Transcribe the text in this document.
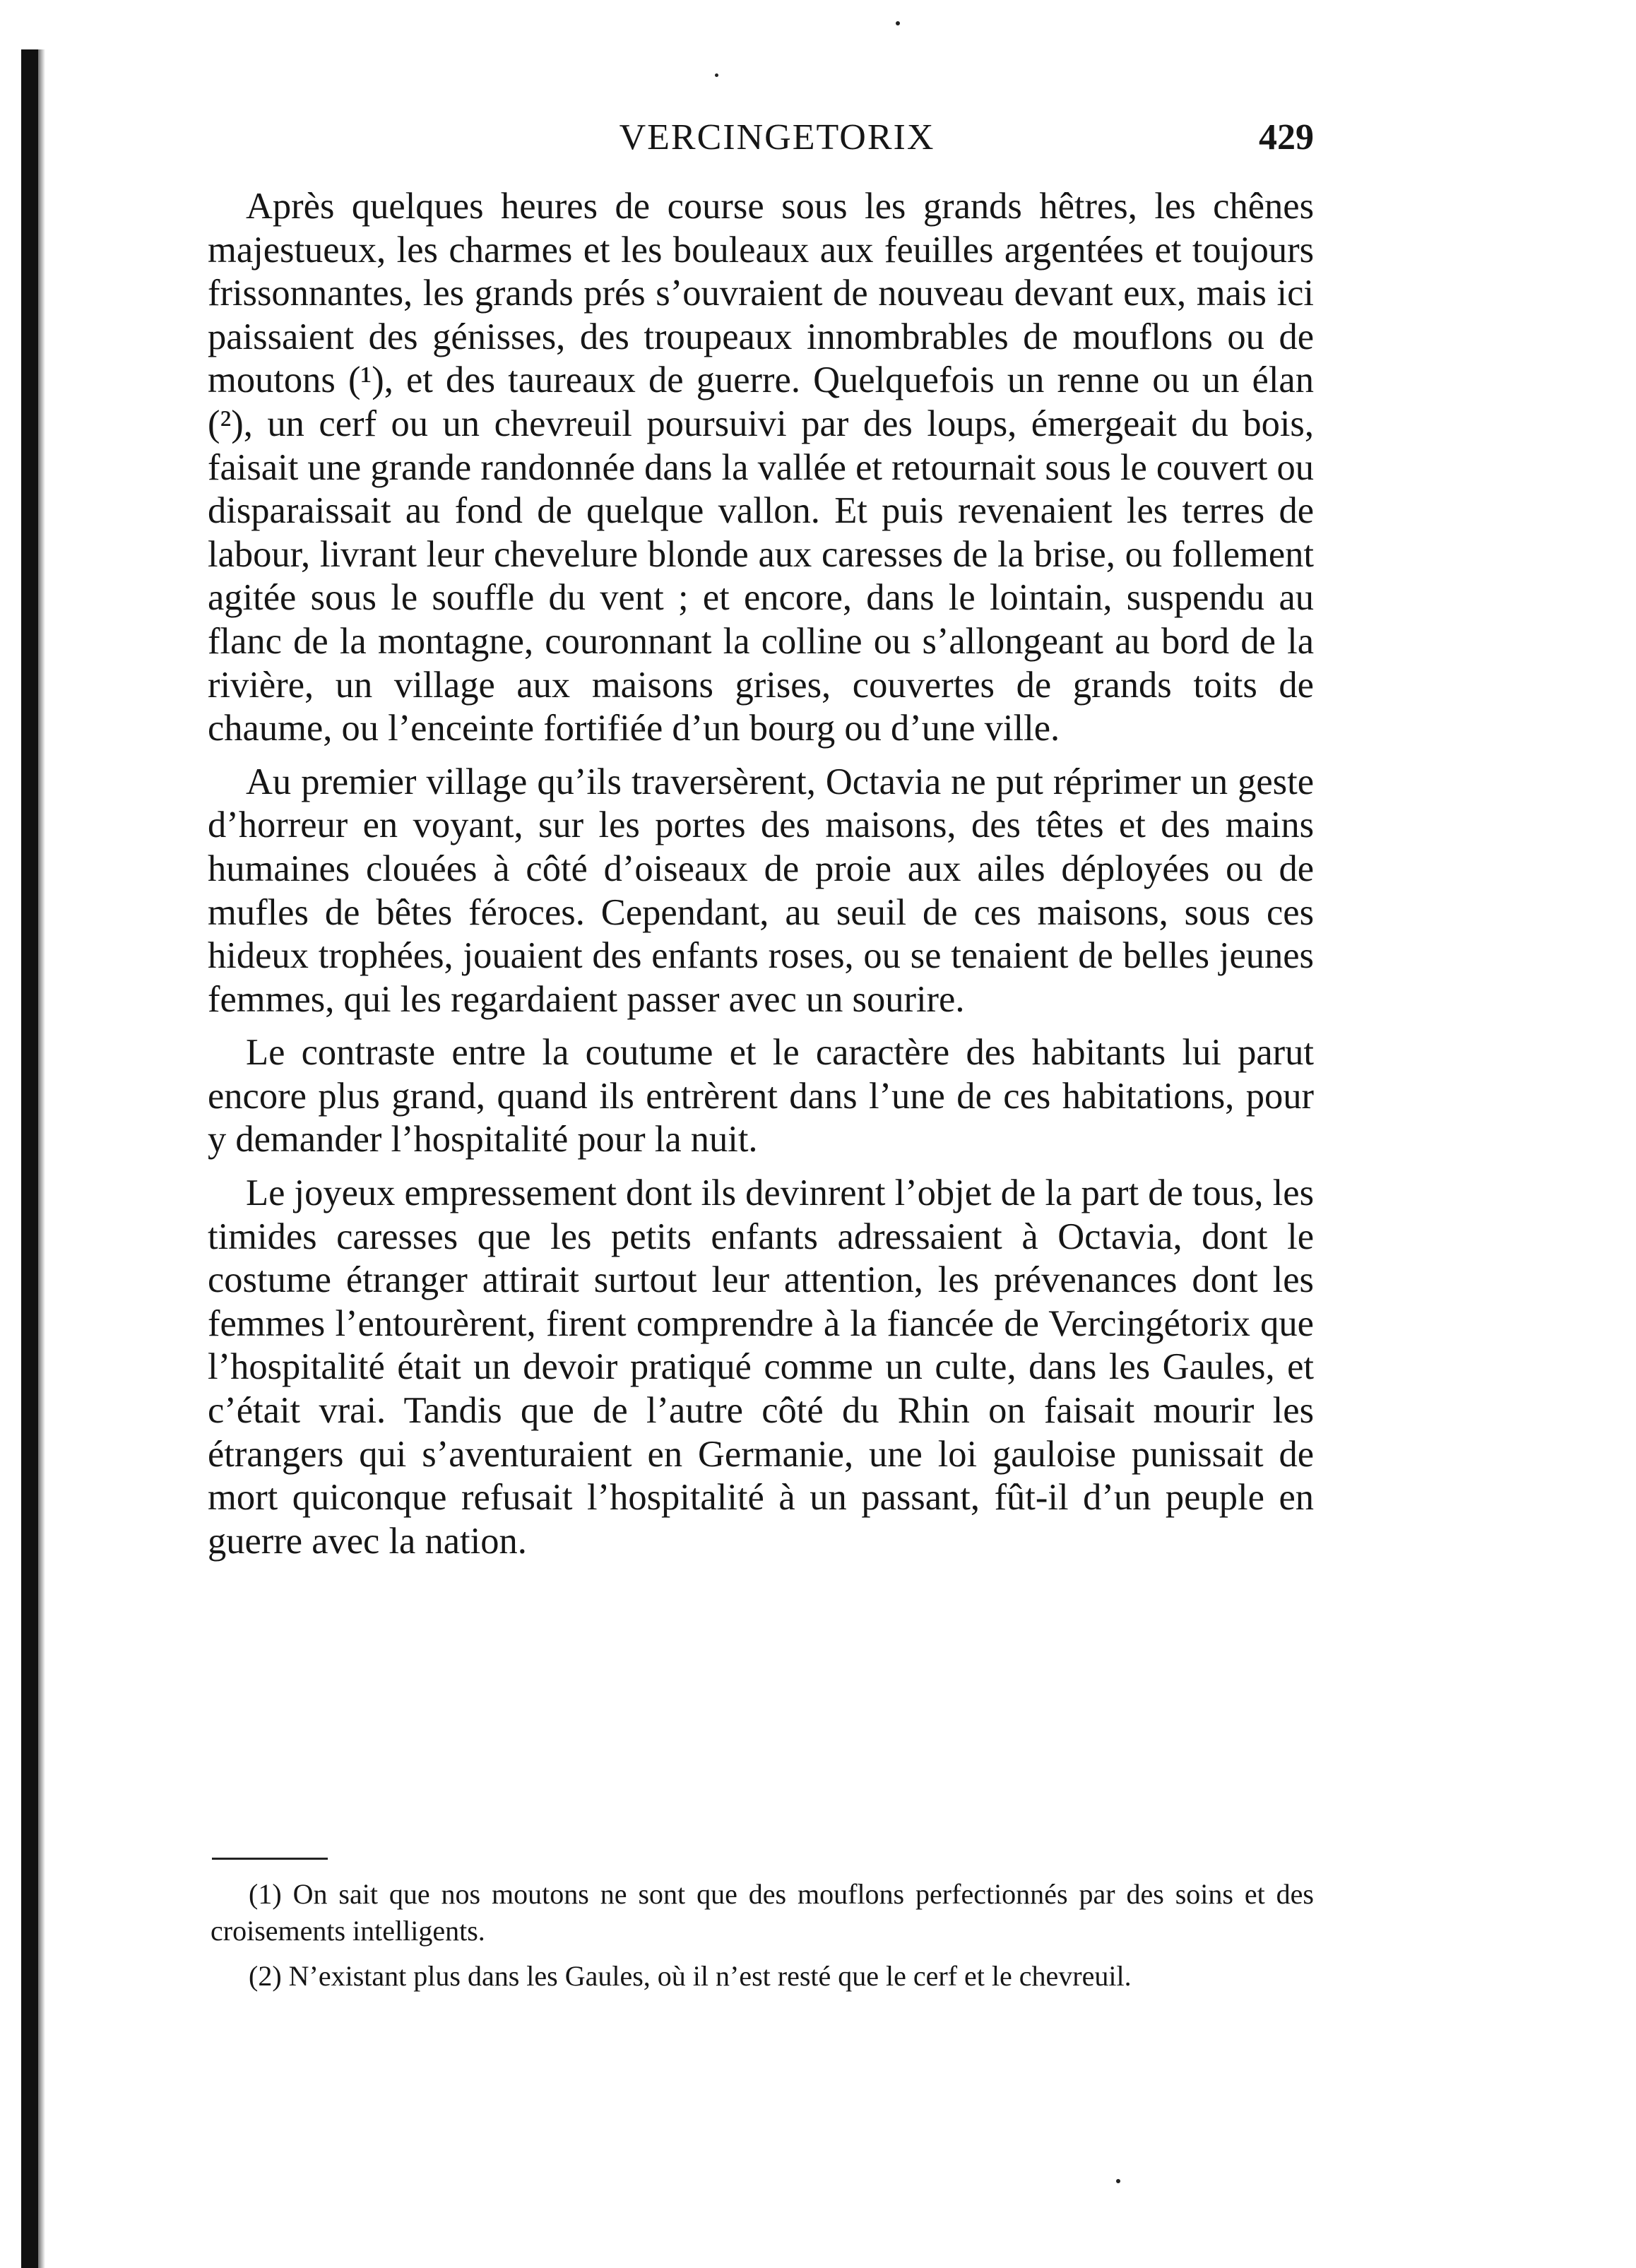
VERCINGETORIX	429

Après quelques heures de course sous les grands hêtres, les chênes majestueux, les charmes et les bouleaux aux feuilles argentées et toujours frissonnantes, les grands prés s’ouvraient de nouveau devant eux, mais ici paissaient des génisses, des troupeaux innombrables de mouflons ou de moutons (¹), et des taureaux de guerre. Quelquefois un renne ou un élan (²), un cerf ou un chevreuil poursuivi par des loups, émergeait du bois, faisait une grande randonnée dans la vallée et retournait sous le couvert ou disparaissait au fond de quelque vallon. Et puis revenaient les terres de labour, livrant leur chevelure blonde aux caresses de la brise, ou follement agitée sous le souffle du vent ; et encore, dans le lointain, suspendu au flanc de la montagne, couronnant la colline ou s’allongeant au bord de la rivière, un village aux maisons grises, couvertes de grands toits de chaume, ou l’enceinte fortifiée d’un bourg ou d’une ville.

Au premier village qu’ils traversèrent, Octavia ne put réprimer un geste d’horreur en voyant, sur les portes des maisons, des têtes et des mains humaines clouées à côté d’oiseaux de proie aux ailes déployées ou de mufles de bêtes féroces. Cependant, au seuil de ces maisons, sous ces hideux trophées, jouaient des enfants roses, ou se tenaient de belles jeunes femmes, qui les regardaient passer avec un sourire.

Le contraste entre la coutume et le caractère des habitants lui parut encore plus grand, quand ils entrèrent dans l’une de ces habitations, pour y demander l’hospitalité pour la nuit.

Le joyeux empressement dont ils devinrent l’objet de la part de tous, les timides caresses que les petits enfants adressaient à Octavia, dont le costume étranger attirait surtout leur attention, les prévenances dont les femmes l’entourèrent, firent comprendre à la fiancée de Vercingétorix que l’hospitalité était un devoir pratiqué comme un culte, dans les Gaules, et c’était vrai. Tandis que de l’autre côté du Rhin on faisait mourir les étrangers qui s’aventuraient en Germanie, une loi gauloise punissait de mort quiconque refusait l’hospitalité à un passant, fût-il d’un peuple en guerre avec la nation.

(1) On sait que nos moutons ne sont que des mouflons perfectionnés par des soins et des croisements intelligents.

(2) N’existant plus dans les Gaules, où il n’est resté que le cerf et le chevreuil.
